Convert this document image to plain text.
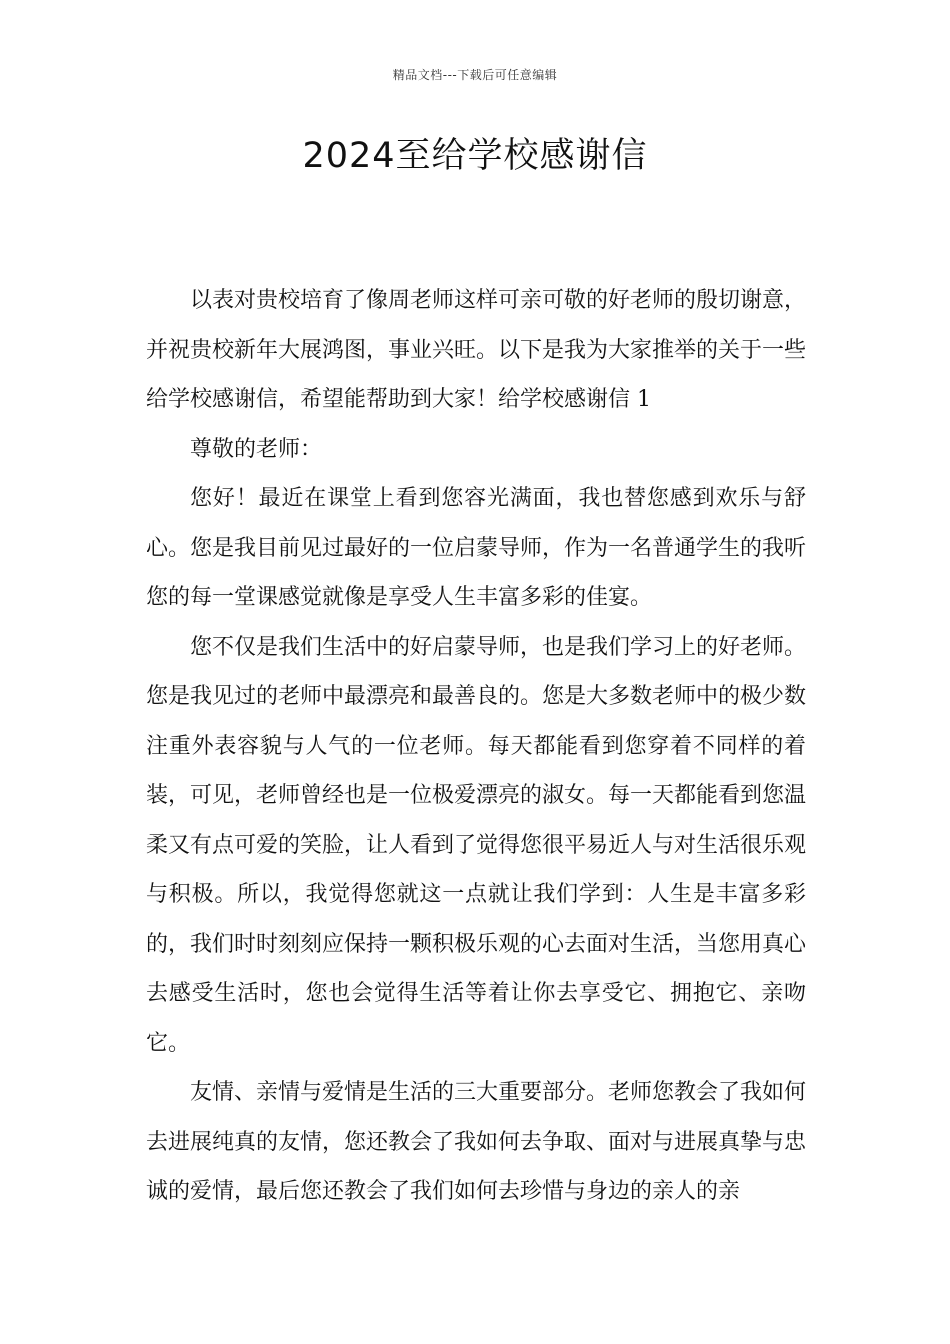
精品文档---下载后可任意编辑
2024至给学校感谢信

以表对贵校培育了像周老师这样可亲可敬的好老师的殷切谢意，并祝贵校新年大展鸿图，事业兴旺。以下是我为大家推举的关于一些给学校感谢信，希望能帮助到大家！给学校感谢信 1

尊敬的老师：

您好！最近在课堂上看到您容光满面，我也替您感到欢乐与舒心。您是我目前见过最好的一位启蒙导师，作为一名普通学生的我听您的每一堂课感觉就像是享受人生丰富多彩的佳宴。

您不仅是我们生活中的好启蒙导师，也是我们学习上的好老师。您是我见过的老师中最漂亮和最善良的。您是大多数老师中的极少数注重外表容貌与人气的一位老师。每天都能看到您穿着不同样的着装，可见，老师曾经也是一位极爱漂亮的淑女。每一天都能看到您温柔又有点可爱的笑脸，让人看到了觉得您很平易近人与对生活很乐观与积极。所以，我觉得您就这一点就让我们学到：人生是丰富多彩的，我们时时刻刻应保持一颗积极乐观的心去面对生活，当您用真心去感受生活时，您也会觉得生活等着让你去享受它、拥抱它、亲吻它。

友情、亲情与爱情是生活的三大重要部分。老师您教会了我如何去进展纯真的友情，您还教会了我如何去争取、面对与进展真挚与忠诚的爱情，最后您还教会了我们如何去珍惜与身边的亲人的亲
